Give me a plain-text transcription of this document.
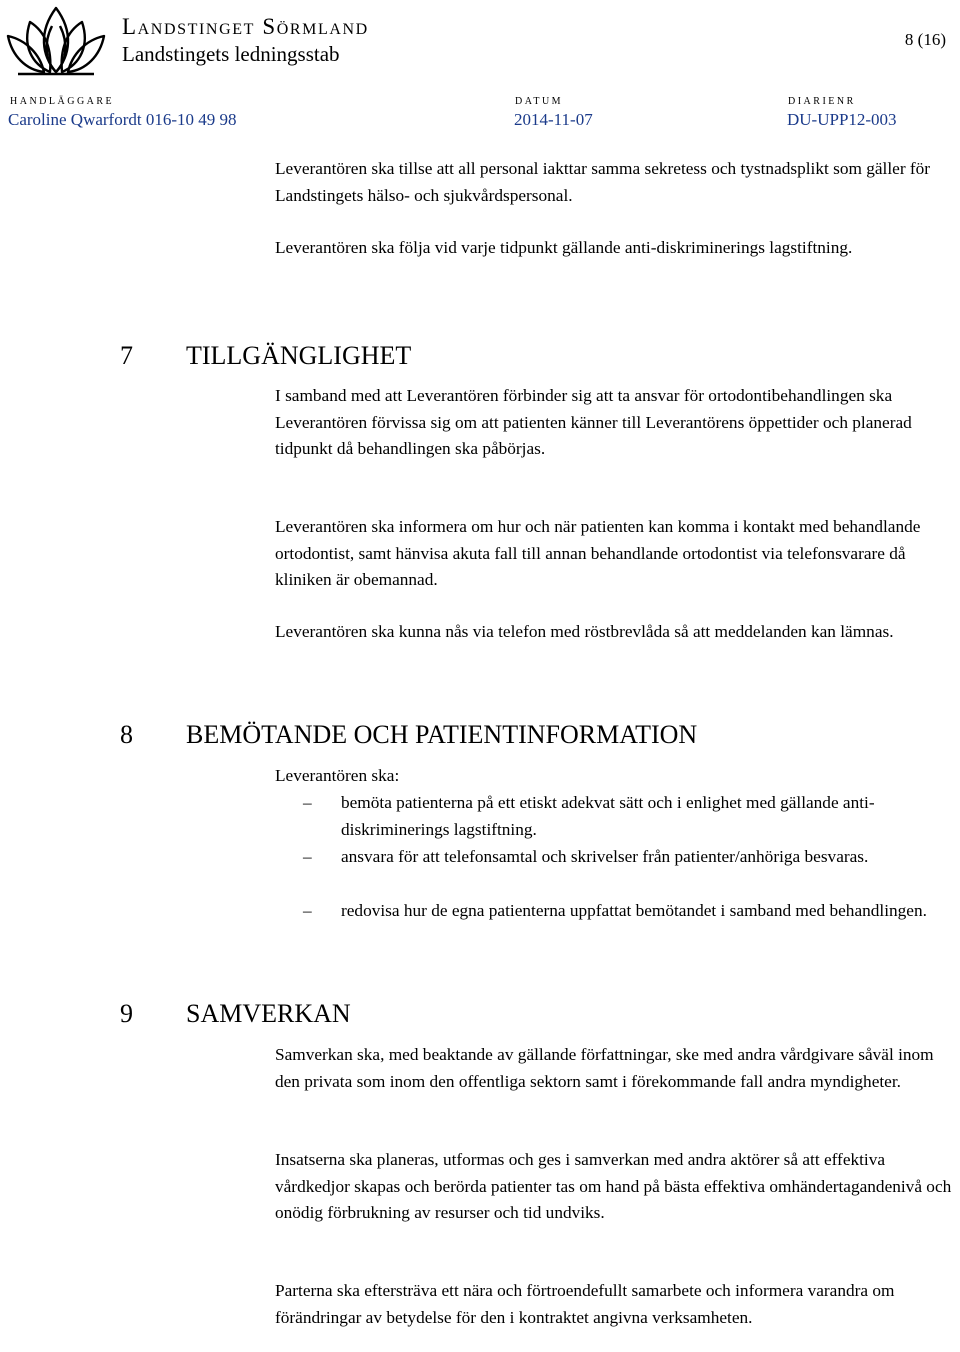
Landstinget Sörmland
Landstingets ledningsstab
8 (16)
HANDLÄGGARE
Caroline Qwarfordt 016-10 49 98
DATUM
2014-11-07
DIARIENR
DU-UPP12-003

Leverantören ska tillse att all personal iakttar samma sekretess och tystnadsplikt som gäller för Landstingets hälso- och sjukvårdspersonal.

Leverantören ska följa vid varje tidpunkt gällande anti-diskriminerings lagstiftning.

7 TILLGÄNGLIGHET

I samband med att Leverantören förbinder sig att ta ansvar för ortodontibehandlingen ska Leverantören förvissa sig om att patienten känner till Leverantörens öppettider och planerad tidpunkt då behandlingen ska påbörjas.

Leverantören ska informera om hur och när patienten kan komma i kontakt med behandlande ortodontist, samt hänvisa akuta fall till annan behandlande ortodontist via telefonsvarare då kliniken är obemannad.

Leverantören ska kunna nås via telefon med röstbrevlåda så att meddelanden kan lämnas.

8 BEMÖTANDE OCH PATIENTINFORMATION

Leverantören ska:

– bemöta patienterna på ett etiskt adekvat sätt och i enlighet med gällande anti-diskriminerings lagstiftning.

– ansvara för att telefonsamtal och skrivelser från patienter/anhöriga besvaras.

– redovisa hur de egna patienterna uppfattat bemötandet i samband med behandlingen.

9 SAMVERKAN

Samverkan ska, med beaktande av gällande författningar, ske med andra vårdgivare såväl inom den privata som inom den offentliga sektorn samt i förekommande fall andra myndigheter.

Insatserna ska planeras, utformas och ges i samverkan med andra aktörer så att effektiva vårdkedjor skapas och berörda patienter tas om hand på bästa effektiva omhändertagandenivå och onödig förbrukning av resurser och tid undviks.

Parterna ska eftersträva ett nära och förtroendefullt samarbete och informera varandra om förändringar av betydelse för den i kontraktet angivna verksamheten.
